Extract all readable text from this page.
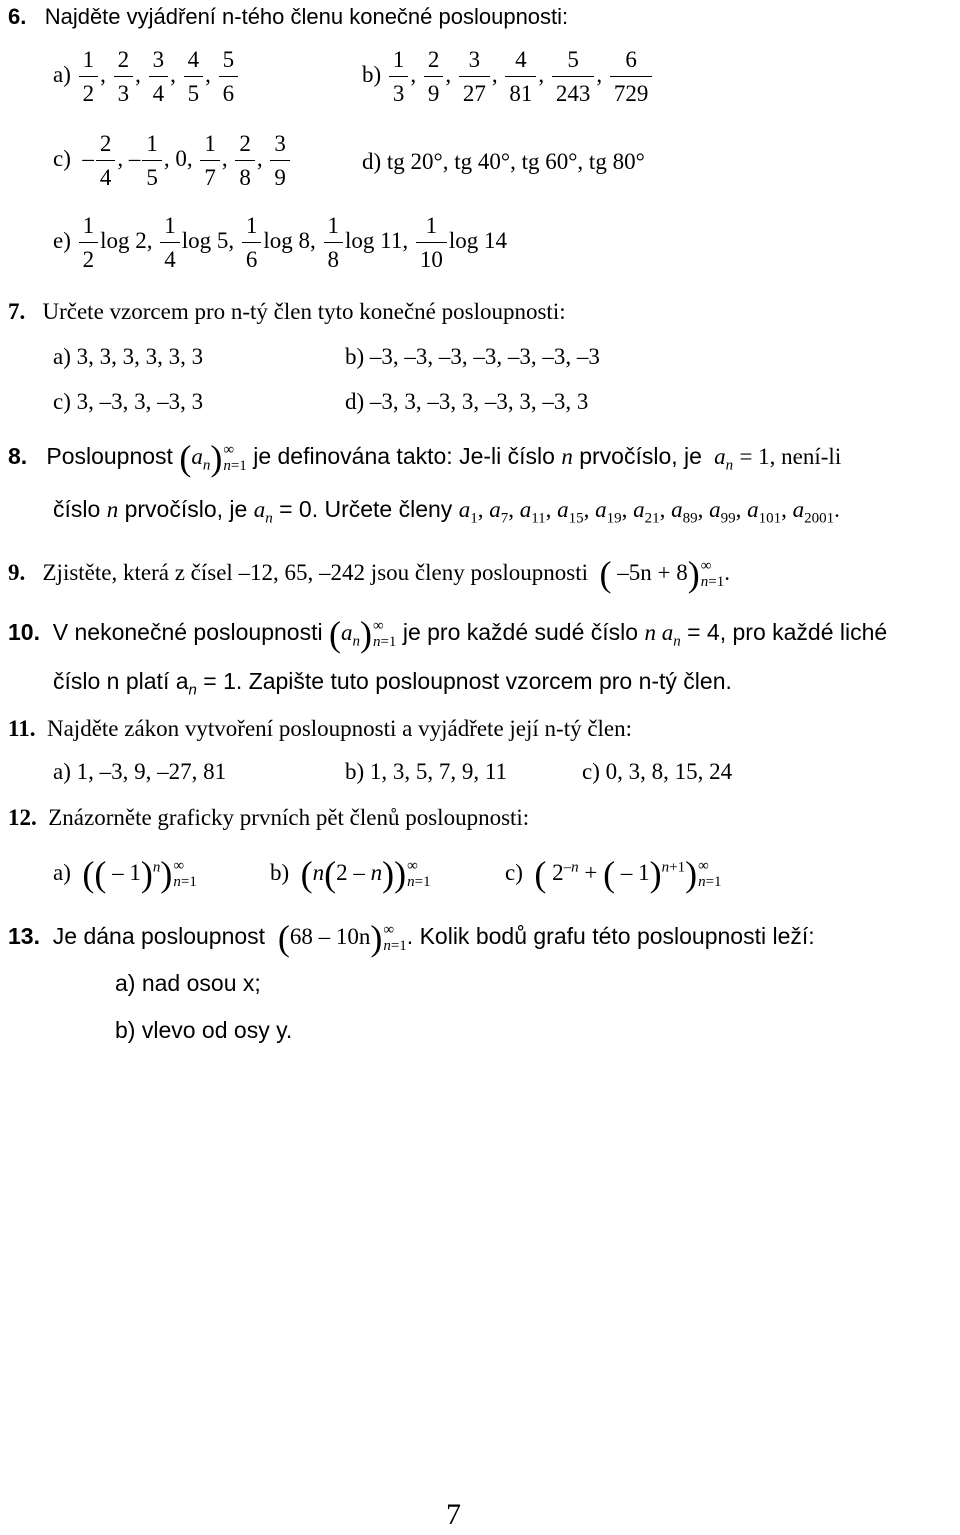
6. Najděte vyjádření n-tého členu konečné posloupnosti:
$a) \frac{1}{2}$ , $\frac{2}{3}$ , $\frac{3}{4}$ , $\frac{4}{5}$ , $\frac{5}{6}$	$b) \frac{1}{3}$ , $\frac{2}{9}$ , $\frac{3}{27}$ , $\frac{4}{81}$ , $\frac{5}{243}$ , $\frac{6}{729}$
$c) - \frac{2}{4}$ , – $\frac{1}{5}$ , 0, $\frac{1}{7}$ , $\frac{2}{8}$ , $\frac{3}{9}$	d) tg 20°, tg 40°, tg 60°, tg 80°
$e) \frac{1}{2}$ log 2, $\frac{1}{4}$ log 5, $\frac{1}{6}$ log 8, $\frac{1}{8}$ log 11, $\frac{1}{10}$ log 14
7. Určete vzorcem pro n-tý člen tyto konečné posloupnosti:
a) 3, 3, 3, 3, 3, 3	b) –3, –3, –3, –3, –3, –3, –3
c) 3, –3, 3, –3, 3	d) –3, 3, –3, 3, –3, 3, –3, 3
8. Posloupnost $(a_n)$ ∞
n=1 je definována takto: Je-li číslo n prvočíslo, je $a_n = 1$, není-li
číslo n prvočíslo, je $a_n = 0$. Určete členy $a_1$, $a_7$, $a_{11}$, $a_{15}$, $a_{19}$, $a_{21}$, $a_{89}$, $a_{99}$, $a_{101}$, $a_{2001}$.
9. Zjistěte, která z čísel –12, 65, –242 jsou členy posloupnosti ( –5n + 8) ∞
n=1 .
10. V nekonečné posloupnosti $(a_n)$ ∞
n=1 je pro každé sudé číslo n $a_n = 4$, pro každé liché
číslo n platí $a_n = 1$. Zapište tuto posloupnost vzorcem pro n-tý člen.
11. Najděte zákon vytvoření posloupnosti a vyjádřete její n-tý člen:
a) 1, –3, 9, –27, 81	b) 1, 3, 5, 7, 9, 11	c) 0, 3, 8, 15, 24
12. Znázorněte graficky prvních pět členů posloupnosti:
a) (( – 1)$^n$) ∞
n=1	b) (n(2 – n)) ∞
n=1	c) ( $2^{-n}$ + ( – 1)$^{n+1}$) ∞
n=1
13. Je dána posloupnost (68 – 10n) ∞
n=1 . Kolik bodů grafu této posloupnosti leží:
a) nad osou x;
b) vlevo od osy y.
7
